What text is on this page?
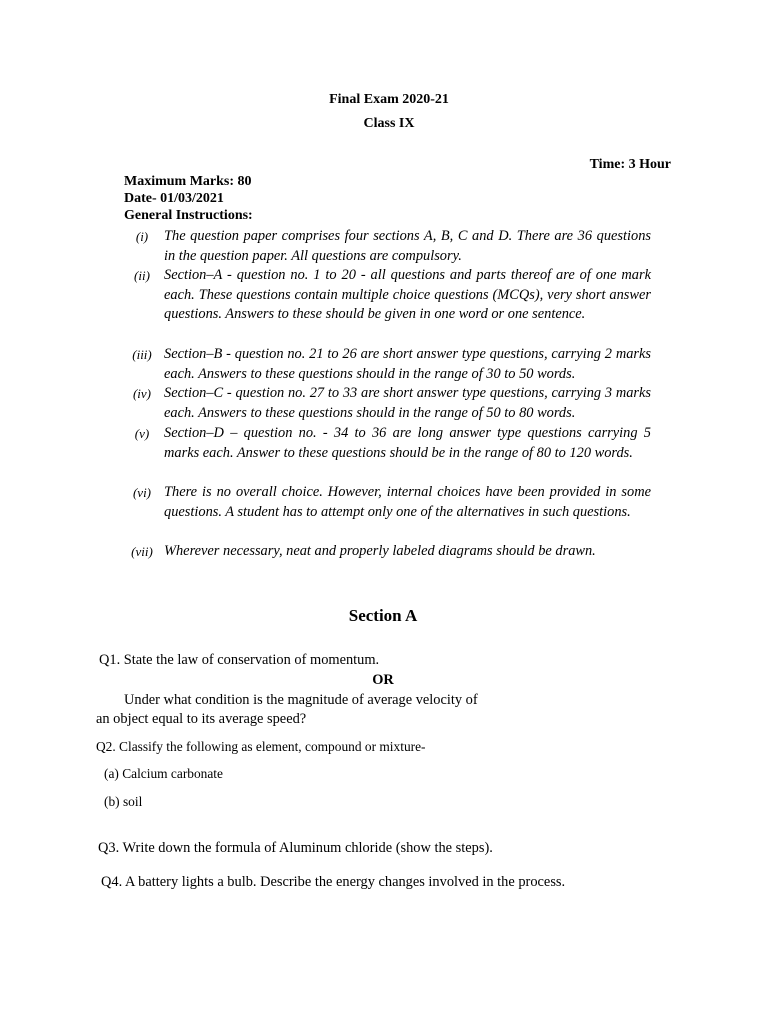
Final Exam 2020-21
Class IX
Time: 3 Hour
Maximum Marks: 80
Date- 01/03/2021
General Instructions:
(i)	The question paper comprises four sections A, B, C and D. There are 36 questions in the question paper. All questions are compulsory.
(ii) Section–A - question no. 1 to 20 - all questions and parts thereof are of one mark each. These questions contain multiple choice questions (MCQs), very short answer questions. Answers to these should be given in one word or one sentence.
(iii) Section–B - question no. 21 to 26 are short answer type questions, carrying 2 marks each. Answers to these questions should in the range of 30 to 50 words.
(iv) Section–C - question no. 27 to 33 are short answer type questions, carrying 3 marks each. Answers to these questions should in the range of 50 to 80 words.
(v)	Section–D – question no. - 34 to 36 are long answer type questions carrying 5 marks each. Answer to these questions should be in the range of 80 to 120 words.
(vi) There is no overall choice. However, internal choices have been provided in some questions. A student has to attempt only one of the alternatives in such questions.
(vii) Wherever necessary, neat and properly labeled diagrams should be drawn.
Section A
Q1. State the law of conservation of momentum.
OR
Under what condition is the magnitude of average velocity of
an object equal to its average speed?
Q2. Classify the following as element, compound or mixture-
(a) Calcium carbonate
(b) soil
Q3. Write down the formula of Aluminum chloride (show the steps).
Q4. A battery lights a bulb. Describe the energy changes involved in the process.
